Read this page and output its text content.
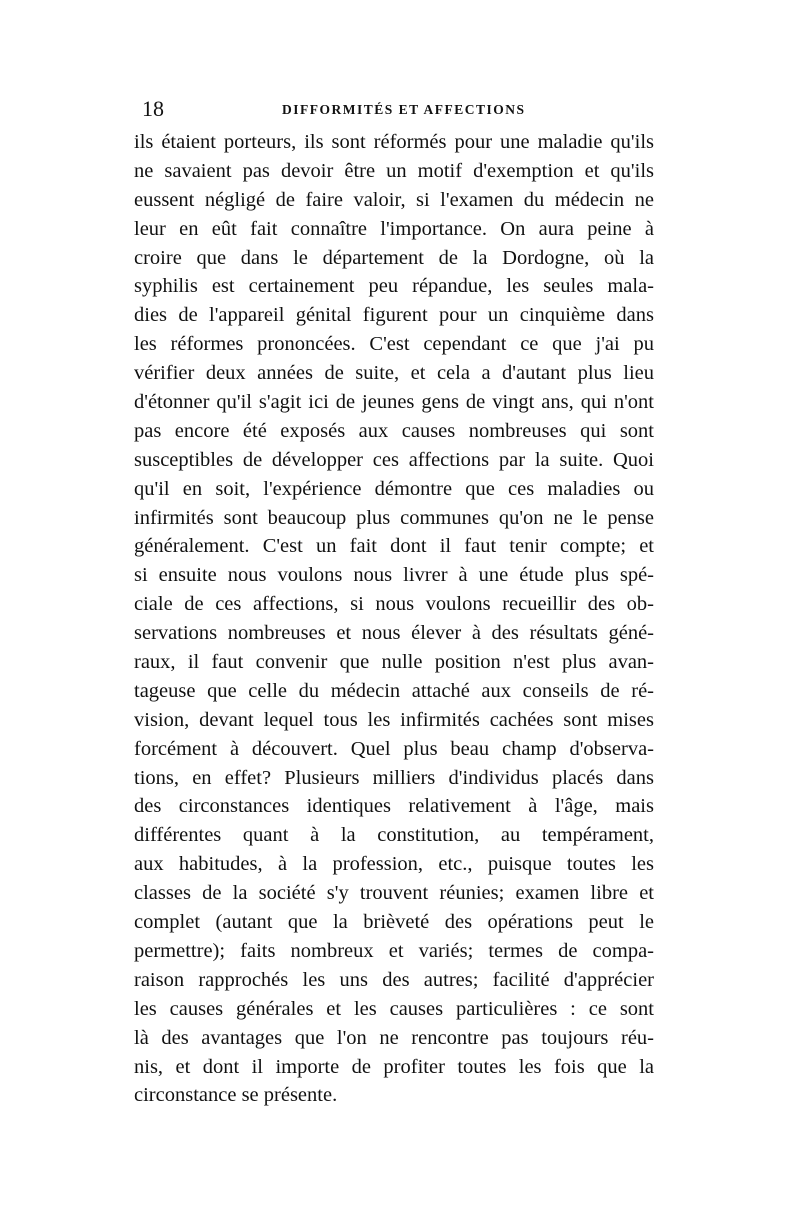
18	DIFFORMITÉS ET AFFECTIONS
ils étaient porteurs, ils sont réformés pour une maladie qu'ils
ne savaient pas devoir être un motif d'exemption et qu'ils
eussent négligé de faire valoir, si l'examen du médecin ne
leur en eût fait connaître l'importance. On aura peine à
croire que dans le département de la Dordogne, où la
syphilis est certainement peu répandue, les seules mala-
dies de l'appareil génital figurent pour un cinquième dans
les réformes prononcées. C'est cependant ce que j'ai pu
vérifier deux années de suite, et cela a d'autant plus lieu
d'étonner qu'il s'agit ici de jeunes gens de vingt ans, qui n'ont
pas encore été exposés aux causes nombreuses qui sont
susceptibles de développer ces affections par la suite. Quoi
qu'il en soit, l'expérience démontre que ces maladies ou
infirmités sont beaucoup plus communes qu'on ne le pense
généralement. C'est un fait dont il faut tenir compte; et
si ensuite nous voulons nous livrer à une étude plus spé-
ciale de ces affections, si nous voulons recueillir des ob-
servations nombreuses et nous élever à des résultats géné-
raux, il faut convenir que nulle position n'est plus avan-
tageuse que celle du médecin attaché aux conseils de ré-
vision, devant lequel tous les infirmités cachées sont mises
forcément à découvert. Quel plus beau champ d'observa-
tions, en effet? Plusieurs milliers d'individus placés dans
des circonstances identiques relativement à l'âge, mais
différentes quant à la constitution, au tempérament,
aux habitudes, à la profession, etc., puisque toutes les
classes de la société s'y trouvent réunies; examen libre et
complet (autant que la brièveté des opérations peut le
permettre); faits nombreux et variés; termes de compa-
raison rapprochés les uns des autres; facilité d'apprécier
les causes générales et les causes particulières : ce sont
là des avantages que l'on ne rencontre pas toujours réu-
nis, et dont il importe de profiter toutes les fois que la
circonstance se présente.
